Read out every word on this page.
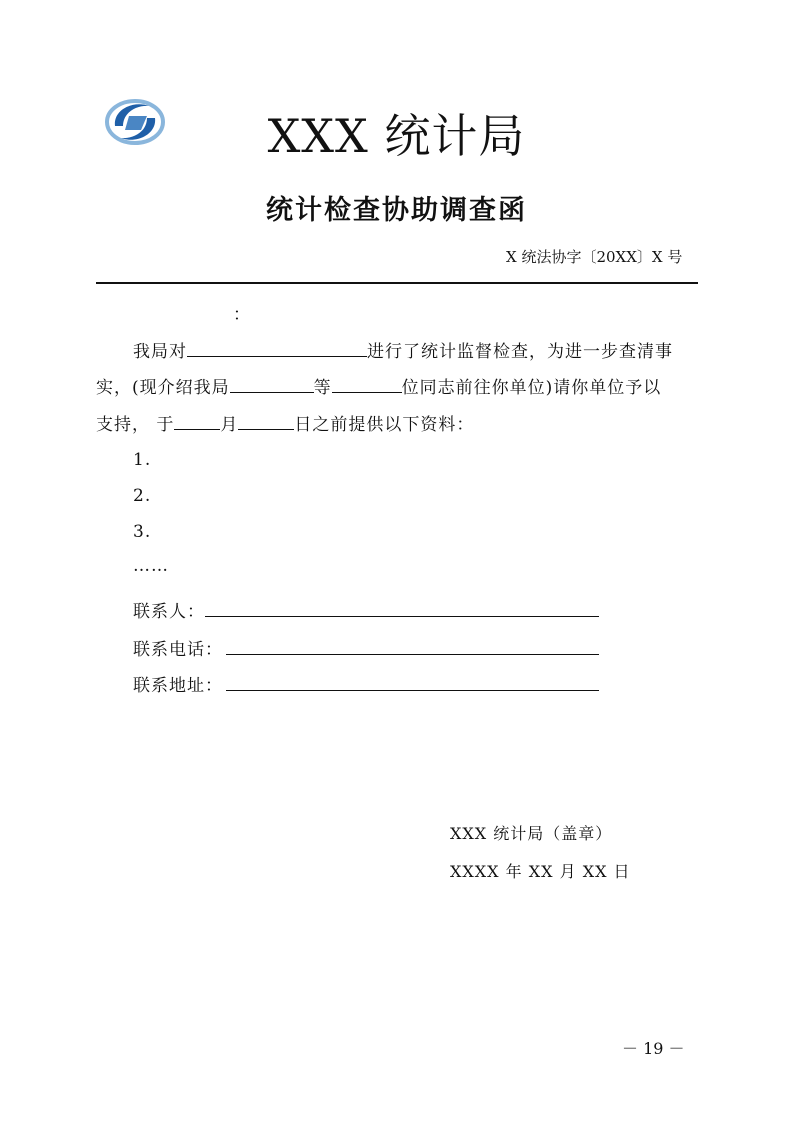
XXX 统计局
统计检查协助调查函
X 统法协字〔20XX〕X 号
：
我局对	进行了统计监督检查，为进一步查清事
实，(现介绍我局	等	位同志前往你单位)请你单位予以
支持， 于	月	日之前提供以下资料：
1.
2.
3.
……
联系人：
联系电话：
联系地址：
XXX 统计局（盖章）
XXXX 年 XX 月 XX 日
－ 19 －
